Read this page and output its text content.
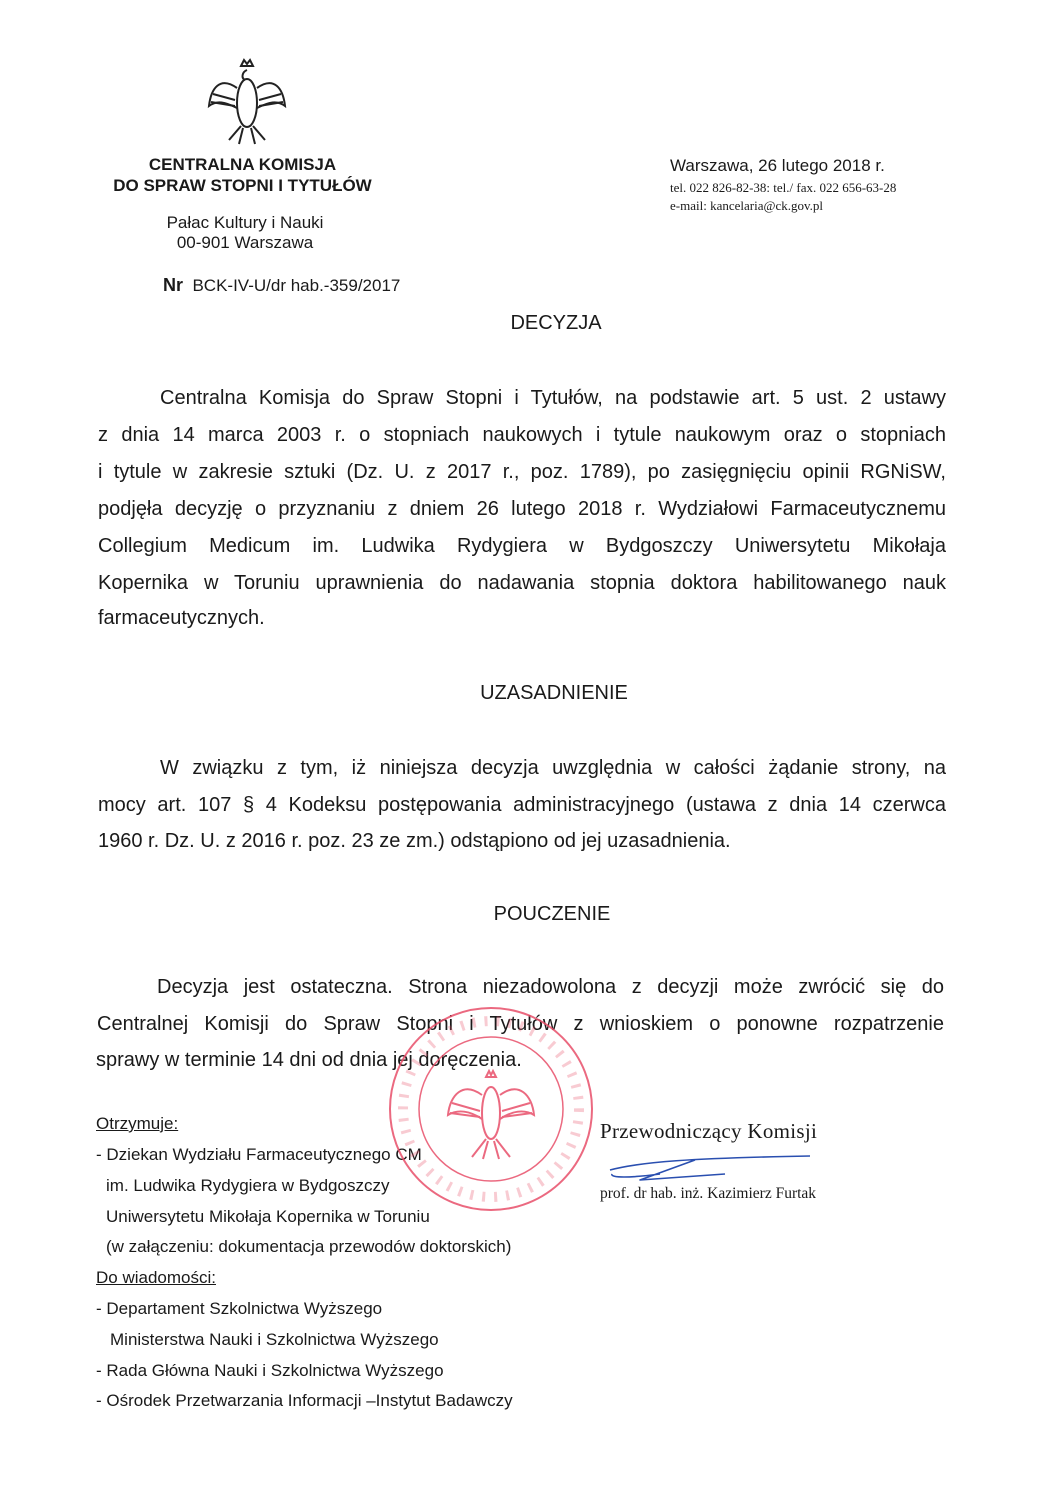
CENTRALNA KOMISJA
DO SPRAW STOPNI I TYTUŁÓW
Pałac Kultury i Nauki
00-901 Warszawa
Nr BCK-IV-U/dr hab.-359/2017
Warszawa, 26 lutego 2018 r.
tel. 022 826-82-38: tel./ fax. 022 656-63-28
e-mail: kancelaria@ck.gov.pl
DECYZJA
Centralna Komisja do Spraw Stopni i Tytułów, na podstawie art. 5 ust. 2 ustawy
z dnia 14 marca 2003 r. o stopniach naukowych i tytule naukowym oraz o stopniach
i tytule w zakresie sztuki (Dz. U. z 2017 r., poz. 1789), po zasięgnięciu opinii RGNiSW,
podjęła decyzję o przyznaniu z dniem 26 lutego 2018 r. Wydziałowi Farmaceutycznemu
Collegium Medicum im. Ludwika Rydygiera w Bydgoszczy Uniwersytetu Mikołaja
Kopernika w Toruniu uprawnienia do nadawania stopnia doktora habilitowanego nauk
farmaceutycznych.
UZASADNIENIE
W związku z tym, iż niniejsza decyzja uwzględnia w całości żądanie strony, na
mocy art. 107 § 4 Kodeksu postępowania administracyjnego (ustawa z dnia 14 czerwca
1960 r. Dz. U. z 2016 r. poz. 23 ze zm.) odstąpiono od jej uzasadnienia.
POUCZENIE
Decyzja jest ostateczna. Strona niezadowolona z decyzji może zwrócić się do
Centralnej Komisji do Spraw Stopni i Tytułów z wnioskiem o ponowne rozpatrzenie
sprawy w terminie 14 dni od dnia jej doręczenia.
Otrzymuje:
- Dziekan Wydziału Farmaceutycznego CM
im. Ludwika Rydygiera w Bydgoszczy
Uniwersytetu Mikołaja Kopernika w Toruniu
(w załączeniu: dokumentacja przewodów doktorskich)
Do wiadomości:
- Departament Szkolnictwa Wyższego
Ministerstwa Nauki i Szkolnictwa Wyższego
- Rada Główna Nauki i Szkolnictwa Wyższego
- Ośrodek Przetwarzania Informacji –Instytut Badawczy
Przewodniczący Komisji
prof. dr hab. inż. Kazimierz Furtak
